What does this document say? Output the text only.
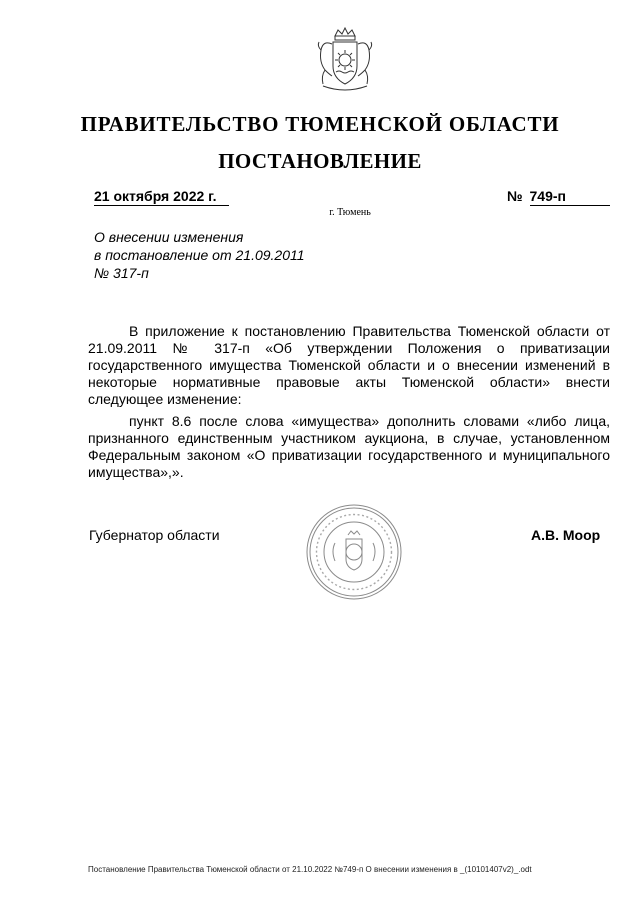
ПРАВИТЕЛЬСТВО ТЮМЕНСКОЙ ОБЛАСТИ
ПОСТАНОВЛЕНИЕ
21 октября 2022 г.	№ 749-п
г. Тюмень
О внесении изменения
в постановление от 21.09.2011
№ 317-п

В приложение к постановлению Правительства Тюменской области от 21.09.2011 № 317-п «Об утверждении Положения о приватизации государственного имущества Тюменской области и о внесении изменений в некоторые нормативные правовые акты Тюменской области» внести следующее изменение:

пункт 8.6 после слова «имущества» дополнить словами «либо лица, признанного единственным участником аукциона, в случае, установленном Федеральным законом «О приватизации государственного и муниципального имущества»,».

Губернатор области	А.В. Моор
Постановление Правительства Тюменской области от 21.10.2022 №749-п О внесении изменения в _(10101407v2)_.odt
